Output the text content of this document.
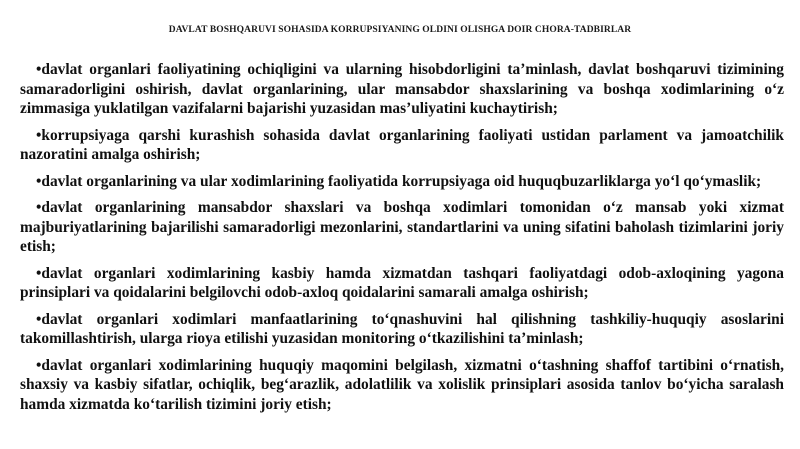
DAVLAT BOSHQARUVI SOHASIDA KORRUPSIYANING OLDINI OLISHGA DOIR CHORA-TADBIRLAR
•davlat organlari faoliyatining ochiqligini va ularning hisobdorligini ta’minlash, davlat boshqaruvi tizimining samaradorligini oshirish, davlat organlarining, ular mansabdor shaxslarining va boshqa xodimlarining o‘z zimmasiga yuklatilgan vazifalarni bajarishi yuzasidan mas’uliyatini kuchaytirish;
•korrupsiyaga qarshi kurashish sohasida davlat organlarining faoliyati ustidan parlament va jamoatchilik nazoratini amalga oshirish;
•davlat organlarining va ular xodimlarining faoliyatida korrupsiyaga oid huquqbuzarliklarga yo‘l qo‘ymaslik;
•davlat organlarining mansabdor shaxslari va boshqa xodimlari tomonidan o‘z mansab yoki xizmat majburiyatlarining bajarilishi samaradorligi mezonlarini, standartlarini va uning sifatini baholash tizimlarini joriy etish;
•davlat organlari xodimlarining kasbiy hamda xizmatdan tashqari faoliyatdagi odob-axloqining yagona prinsiplari va qoidalarini belgilovchi odob-axloq qoidalarini samarali amalga oshirish;
•davlat organlari xodimlari manfaatlarining to‘qnashuvini hal qilishning tashkiliy-huquqiy asoslarini takomillashtirish, ularga rioya etilishi yuzasidan monitoring o‘tkazilishini ta’minlash;
•davlat organlari xodimlarining huquqiy maqomini belgilash, xizmatni o‘tashning shaffof tartibini o‘rnatish, shaxsiy va kasbiy sifatlar, ochiqlik, beg‘arazlik, adolatlilik va xolislik prinsiplari asosida tanlov bo‘yicha saralash hamda xizmatda ko‘tarilish tizimini joriy etish;
